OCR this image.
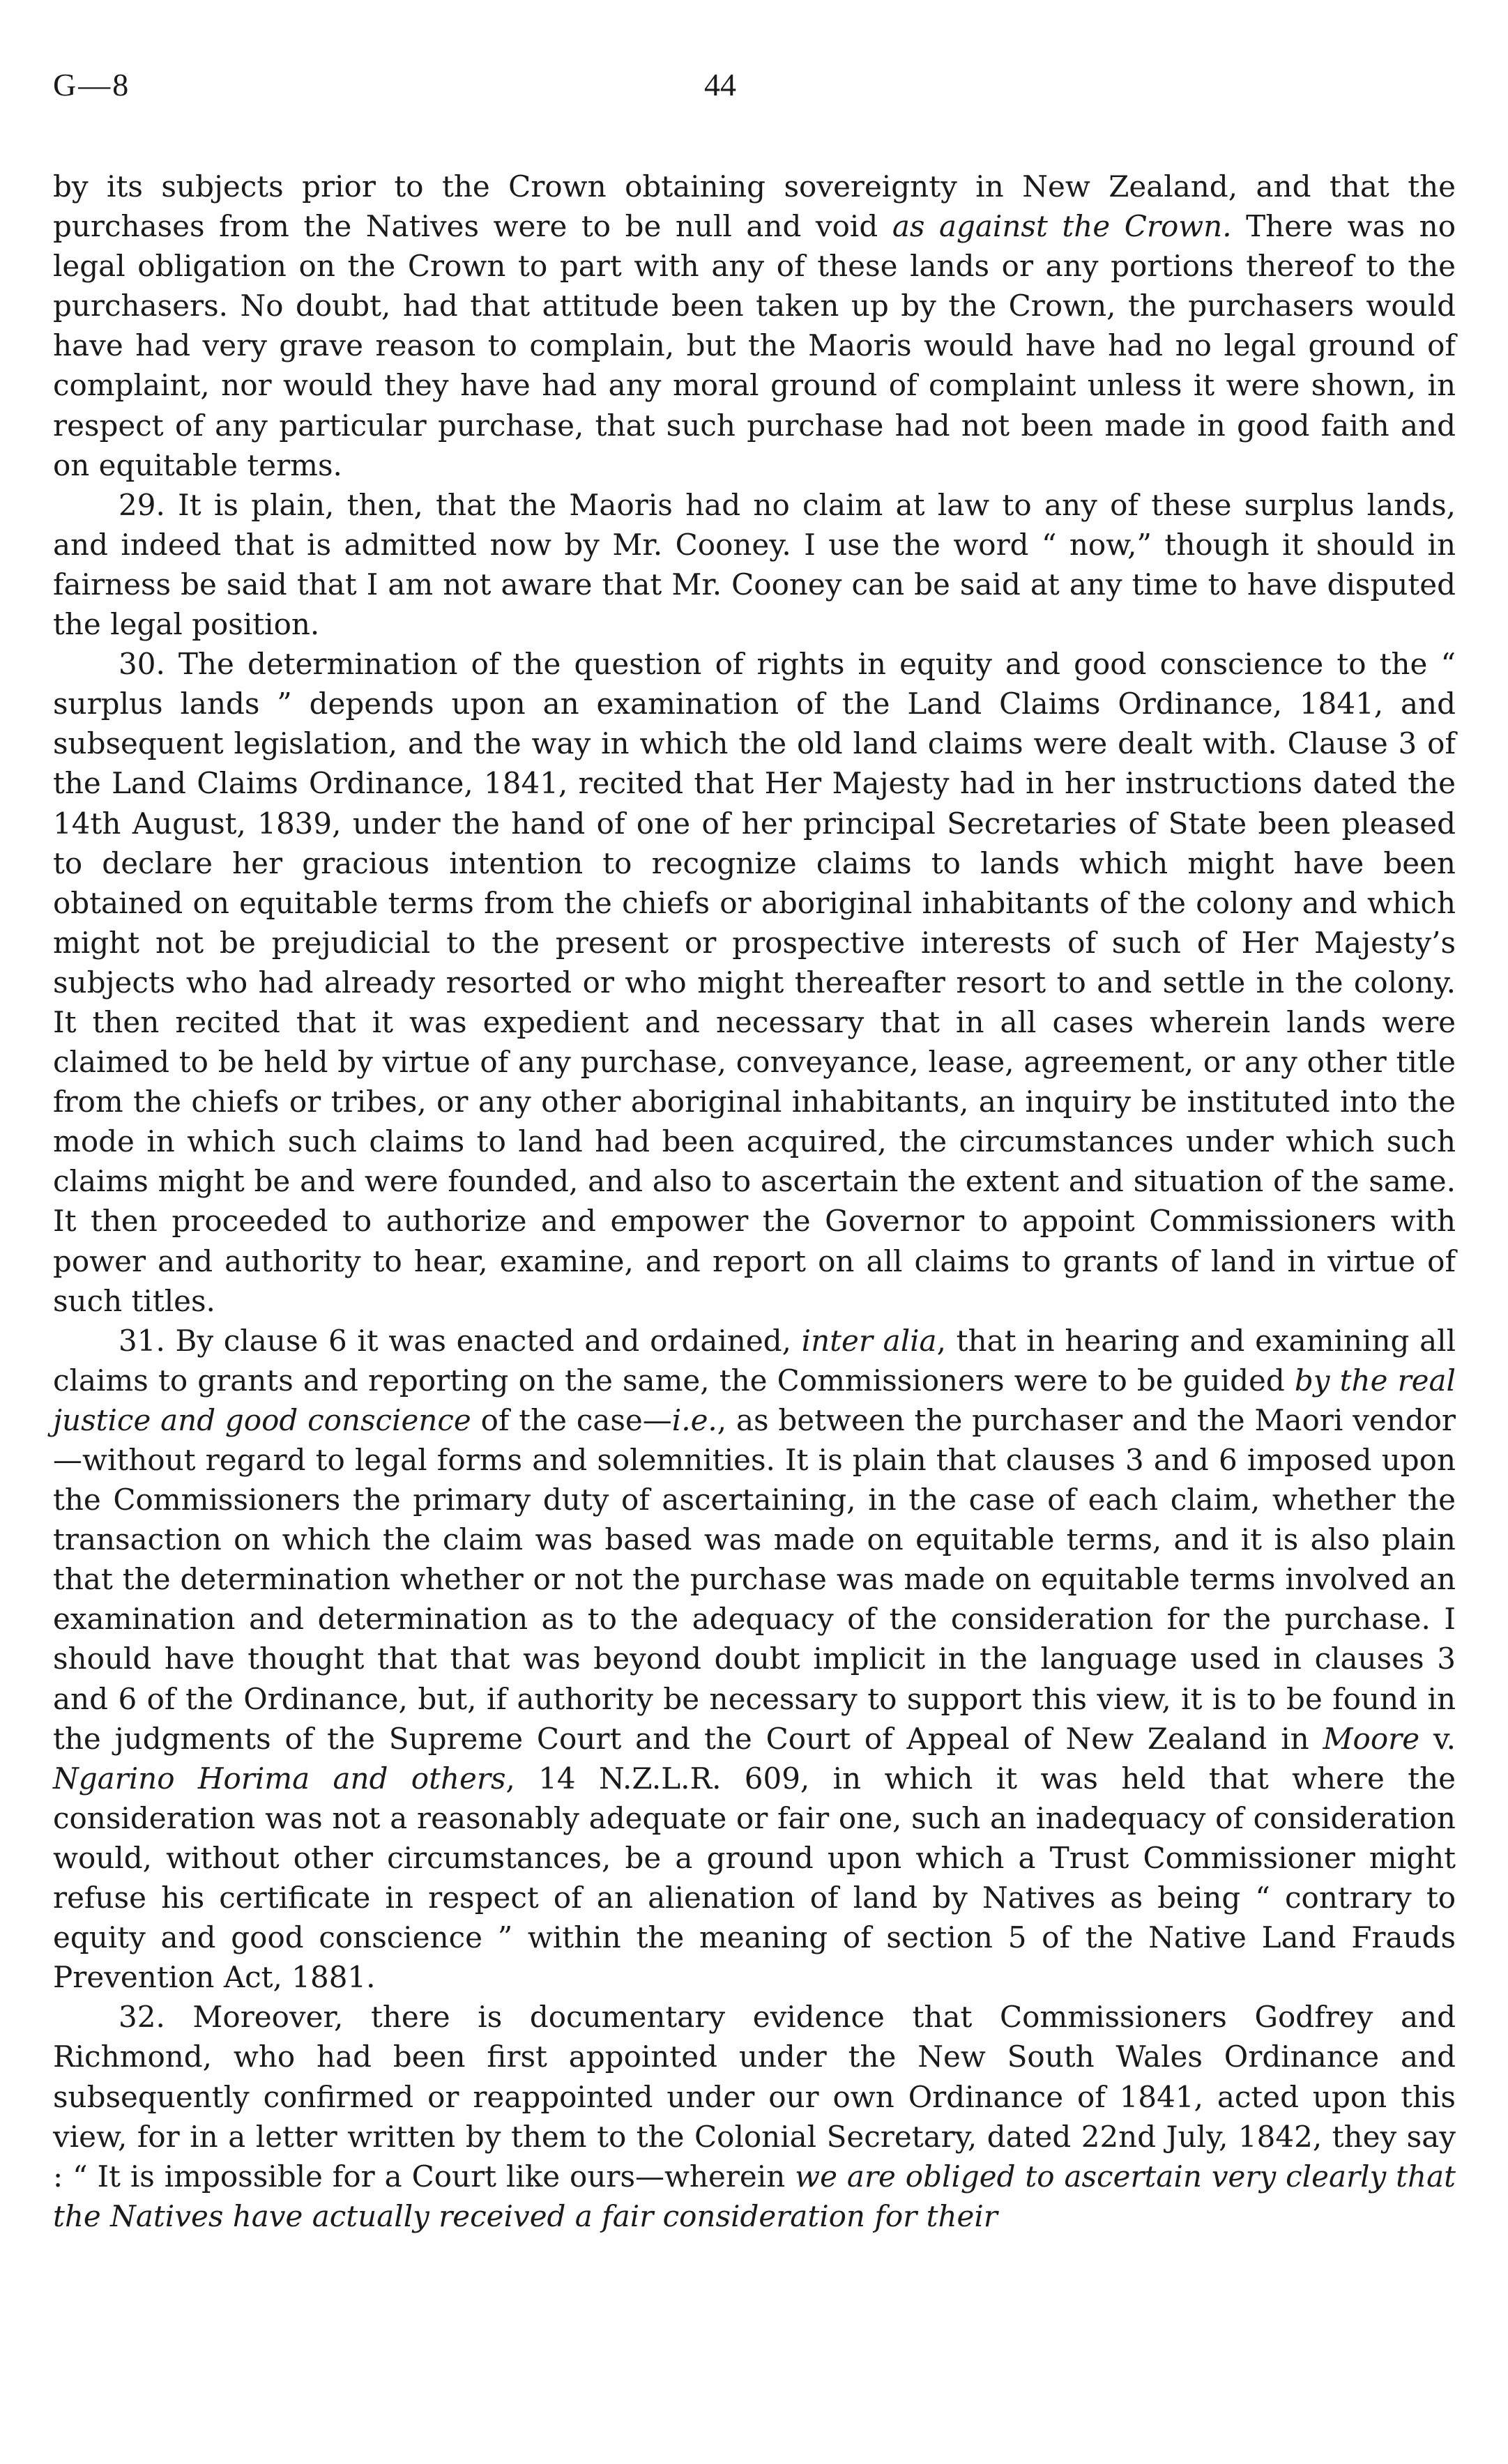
G—8	44

by its subjects prior to the Crown obtaining sovereignty in New Zealand, and that the purchases from the Natives were to be null and void as against the Crown. There was no legal obligation on the Crown to part with any of these lands or any portions thereof to the purchasers. No doubt, had that attitude been taken up by the Crown, the purchasers would have had very grave reason to complain, but the Maoris would have had no legal ground of complaint, nor would they have had any moral ground of complaint unless it were shown, in respect of any particular purchase, that such purchase had not been made in good faith and on equitable terms.

29. It is plain, then, that the Maoris had no claim at law to any of these surplus lands, and indeed that is admitted now by Mr. Cooney. I use the word “ now,” though it should in fairness be said that I am not aware that Mr. Cooney can be said at any time to have disputed the legal position.

30. The determination of the question of rights in equity and good conscience to the “ surplus lands ” depends upon an examination of the Land Claims Ordinance, 1841, and subsequent legislation, and the way in which the old land claims were dealt with. Clause 3 of the Land Claims Ordinance, 1841, recited that Her Majesty had in her instructions dated the 14th August, 1839, under the hand of one of her principal Secretaries of State been pleased to declare her gracious intention to recognize claims to lands which might have been obtained on equitable terms from the chiefs or aboriginal inhabitants of the colony and which might not be prejudicial to the present or prospective interests of such of Her Majesty’s subjects who had already resorted or who might thereafter resort to and settle in the colony. It then recited that it was expedient and necessary that in all cases wherein lands were claimed to be held by virtue of any purchase, conveyance, lease, agreement, or any other title from the chiefs or tribes, or any other aboriginal inhabitants, an inquiry be instituted into the mode in which such claims to land had been acquired, the circumstances under which such claims might be and were founded, and also to ascertain the extent and situation of the same. It then proceeded to authorize and empower the Governor to appoint Commissioners with power and authority to hear, examine, and report on all claims to grants of land in virtue of such titles.

31. By clause 6 it was enacted and ordained, inter alia, that in hearing and examining all claims to grants and reporting on the same, the Commissioners were to be guided by the real justice and good conscience of the case—i.e., as between the purchaser and the Maori vendor—without regard to legal forms and solemnities. It is plain that clauses 3 and 6 imposed upon the Commissioners the primary duty of ascertaining, in the case of each claim, whether the transaction on which the claim was based was made on equitable terms, and it is also plain that the determination whether or not the purchase was made on equitable terms involved an examination and determination as to the adequacy of the consideration for the purchase. I should have thought that that was beyond doubt implicit in the language used in clauses 3 and 6 of the Ordinance, but, if authority be necessary to support this view, it is to be found in the judgments of the Supreme Court and the Court of Appeal of New Zealand in Moore v. Ngarino Horima and others, 14 N.Z.L.R. 609, in which it was held that where the consideration was not a reasonably adequate or fair one, such an inadequacy of consideration would, without other circumstances, be a ground upon which a Trust Commissioner might refuse his certificate in respect of an alienation of land by Natives as being “ contrary to equity and good conscience ” within the meaning of section 5 of the Native Land Frauds Prevention Act, 1881.

32. Moreover, there is documentary evidence that Commissioners Godfrey and Richmond, who had been first appointed under the New South Wales Ordinance and subsequently confirmed or reappointed under our own Ordinance of 1841, acted upon this view, for in a letter written by them to the Colonial Secretary, dated 22nd July, 1842, they say : “ It is impossible for a Court like ours—wherein we are obliged to ascertain very clearly that the Natives have actually received a fair consideration for their
